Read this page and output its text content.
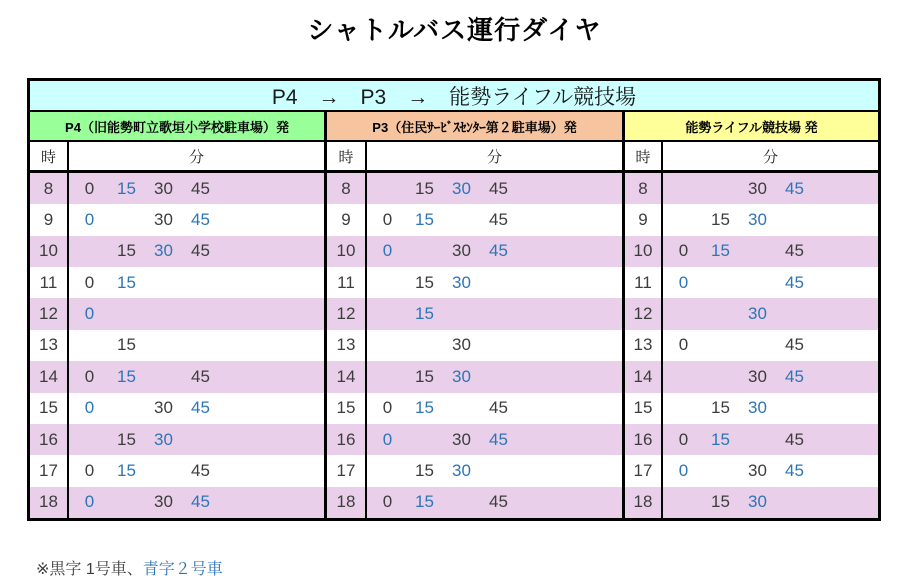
シャトルバス運行ダイヤ
P4　→　P3　→　能勢ライフル競技場
P4（旧能勢町立歌垣小学校駐車場）発	P3（住民ｻｰﾋﾞｽｾﾝﾀｰ第２駐車場）発	能勢ライフル競技場 発
時	分	時	分	時	分
8	0	15	30	45	8	15	30	45	8	30	45
9	0	30	45	9	0	15	45	9	15	30
10	15	30	45	10	0	30	45	10	0	15	45
11	0	15	11	15	30	11	0	45
12	0	12	15	12	30
13	15	13	30	13	0	45
14	0	15	45	14	15	30	14	30	45
15	0	30	45	15	0	15	45	15	15	30
16	15	30	16	0	30	45	16	0	15	45
17	0	15	45	17	15	30	17	0	30	45
18	0	30	45	18	0	15	45	18	15	30
※黒字 1号車、青字２号車
